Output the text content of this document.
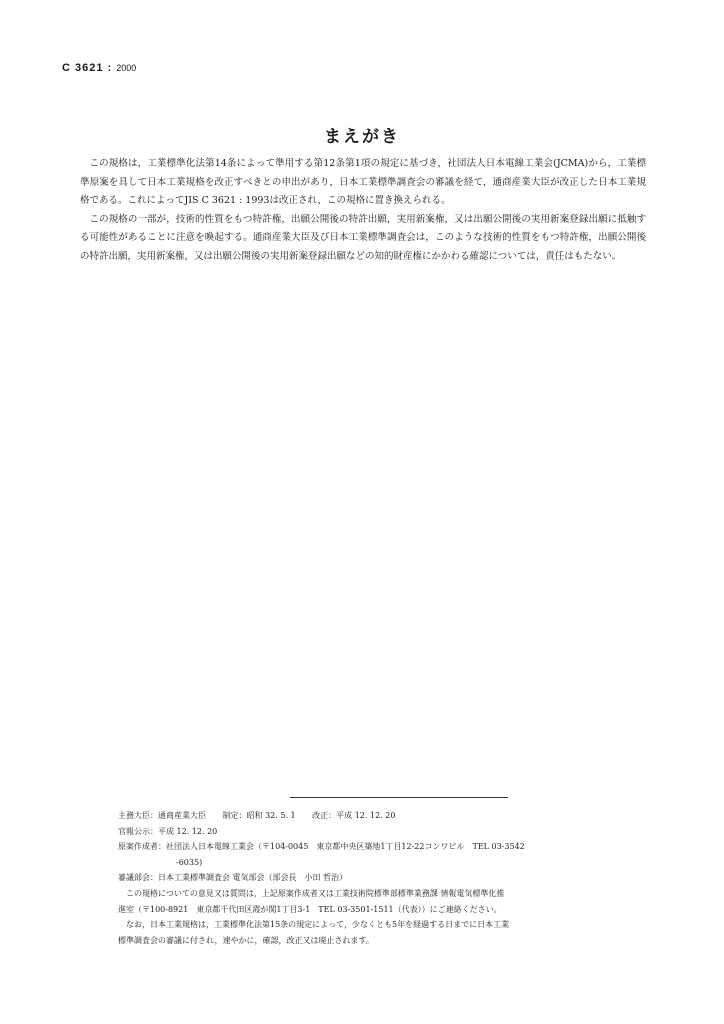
C 3621 : 2000
まえがき

この規格は，工業標準化法第14条によって準用する第12条第1項の規定に基づき，社団法人日本電線工業会(JCMA)から，工業標準原案を具して日本工業規格を改正すべきとの申出があり，日本工業標準調査会の審議を経て，通商産業大臣が改正した日本工業規格である。これによってJIS C 3621 : 1993は改正され，この規格に置き換えられる。

この規格の一部が，技術的性質をもつ特許権，出願公開後の特許出願，実用新案権，又は出願公開後の実用新案登録出願に抵触する可能性があることに注意を喚起する。通商産業大臣及び日本工業標準調査会は，このような技術的性質をもつ特許権，出願公開後の特許出願，実用新案権，又は出願公開後の実用新案登録出願などの知的財産権にかかわる確認については，責任はもたない。

主務大臣：通商産業大臣 制定：昭和 32. 5. 1 改正：平成 12. 12. 20
官報公示：平成 12. 12. 20
原案作成者：社団法人日本電線工業会（〒104-0045　東京都中央区築地1丁目12-22コンワビル　TEL 03-3542
-6035)
審議部会：日本工業標準調査会 電気部会（部会長　小田 哲治）
この規格についての意見又は質問は，上記原案作成者又は工業技術院標準部標準業務課 情報電気標準化推
進室（〒100-8921　東京都千代田区霞が関1丁目3-1　TEL 03-3501-1511（代表））にご連絡ください。
なお，日本工業規格は，工業標準化法第15条の規定によって，少なくとも5年を経過する日までに日本工業
標準調査会の審議に付され，速やかに，確認，改正又は廃止されます。
